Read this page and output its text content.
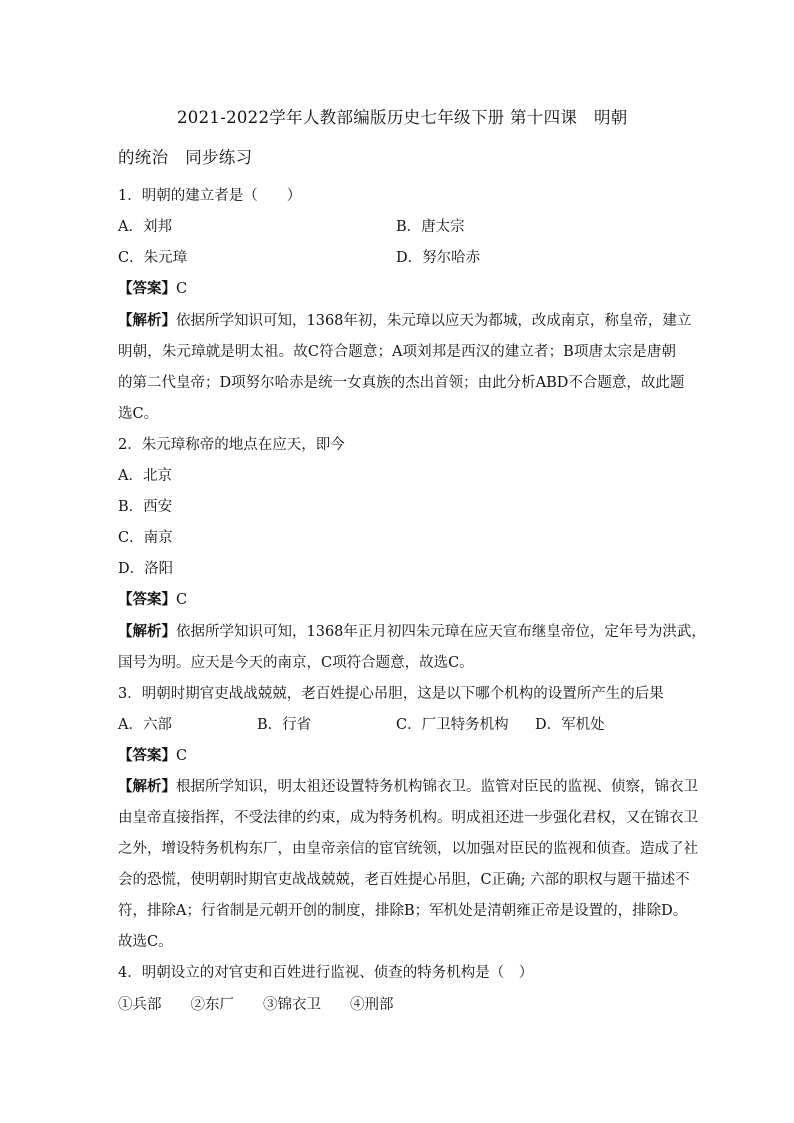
2021-2022学年人教部编版历史七年级下册 第十四课　明朝
的统治　同步练习
1．明朝的建立者是（　　）
A．刘邦	B．唐太宗
C．朱元璋	D．努尔哈赤
【答案】C
【解析】依据所学知识可知，1368年初，朱元璋以应天为都城，改成南京，称皇帝，建立
明朝，朱元璋就是明太祖。故C符合题意；A项刘邦是西汉的建立者；B项唐太宗是唐朝
的第二代皇帝；D项努尔哈赤是统一女真族的杰出首领；由此分析ABD不合题意，故此题
选C。
2．朱元璋称帝的地点在应天，即今
A．北京
B．西安
C．南京
D．洛阳
【答案】C
【解析】依据所学知识可知，1368年正月初四朱元璋在应天宣布继皇帝位，定年号为洪武，
国号为明。应天是今天的南京，C项符合题意，故选C。
3．明朝时期官吏战战兢兢，老百姓提心吊胆，这是以下哪个机构的设置所产生的后果
A．六部	B．行省	C．厂卫特务机构 D．军机处
【答案】C
【解析】根据所学知识，明太祖还设置特务机构锦衣卫。监管对臣民的监视、侦察，锦衣卫
由皇帝直接指挥，不受法律的约束，成为特务机构。明成祖还进一步强化君权，又在锦衣卫
之外，增设特务机构东厂，由皇帝亲信的宦官统领，以加强对臣民的监视和侦查。造成了社
会的恐慌，使明朝时期官吏战战兢兢，老百姓提心吊胆，C正确; 六部的职权与题干描述不
符，排除A；行省制是元朝开创的制度，排除B；军机处是清朝雍正帝是设置的，排除D。
故选C。
4．明朝设立的对官吏和百姓进行监视、侦查的特务机构是（　）
①兵部　　②东厂　　③锦衣卫　　④刑部
